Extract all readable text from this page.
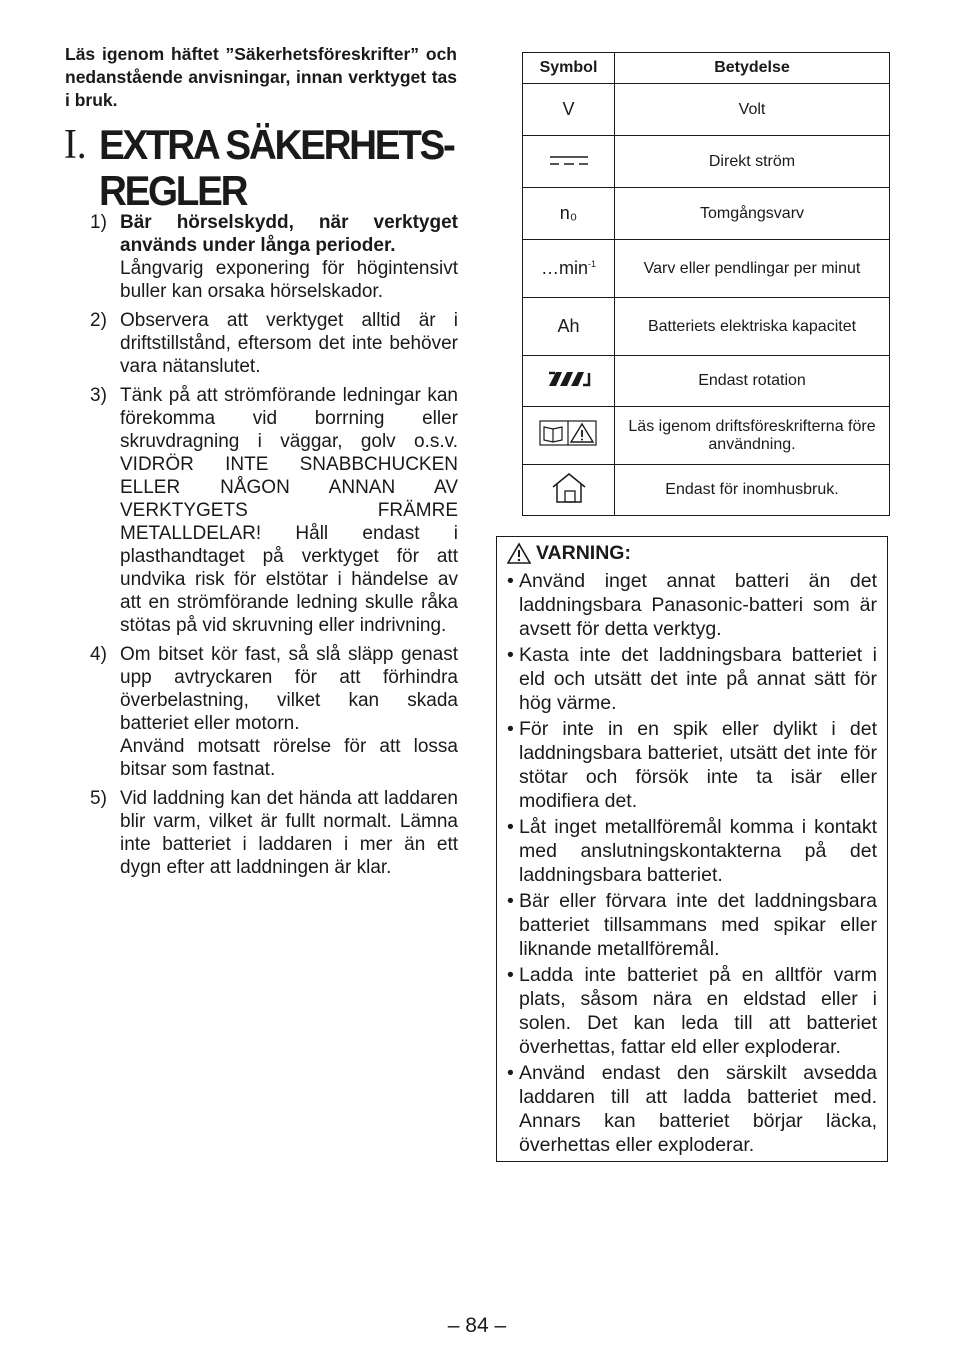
Läs igenom häftet ”Säkerhetsföreskrifter” och nedanstående anvisningar, innan verktyget tas i bruk.
I. EXTRA SÄKERHETS-
REGLER
1) Bär hörselskydd, när verktyget används under långa perioder.
Långvarig exponering för högintensivt buller kan orsaka hörselskador.
2) Observera att verktyget alltid är i driftstillstånd, eftersom det inte behöver vara nätanslutet.
3) Tänk på att strömförande ledningar kan förekomma vid borrning eller skruvdragning i väggar, golv o.s.v. VIDRÖR INTE SNABBCHUCKEN ELLER NÅGON ANNAN AV VERKTYGETS FRÄMRE METALLDELAR! Håll endast i plasthandtaget på verktyget för att undvika risk för elstötar i händelse av att en strömförande ledning skulle råka stötas på vid skruvning eller indrivning.
4) Om bitset kör fast, så slå släpp genast upp avtryckaren för att förhindra överbelastning, vilket kan skada batteriet eller motorn.
Använd motsatt rörelse för att lossa bitsar som fastnat.
5) Vid laddning kan det hända att laddaren blir varm, vilket är fullt normalt. Lämna inte batteriet i laddaren i mer än ett dygn efter att laddningen är klar.
Symbol	Betydelse
V	Volt
	Direkt ström
n₀	Tomgångsvarv
$\dots\min^{-1}$	Varv eller pendlingar per minut
Ah	Batteriets elektriska kapacitet
	Endast rotation
	Läs igenom driftsföreskrifterna före användning.
	Endast för inomhusbruk.
VARNING:
• Använd inget annat batteri än det laddningsbara Panasonic-batteri som är avsett för detta verktyg.
• Kasta inte det laddningsbara batteriet i eld och utsätt det inte på annat sätt för hög värme.
• För inte in en spik eller dylikt i det laddningsbara batteriet, utsätt det inte för stötar och försök inte ta isär eller modifiera det.
• Låt inget metallföremål komma i kontakt med anslutningskontakterna på det laddningsbara batteriet.
• Bär eller förvara inte det laddningsbara batteriet tillsammans med spikar eller liknande metallföremål.
• Ladda inte batteriet på en alltför varm plats, såsom nära en eldstad eller i solen. Det kan leda till att batteriet överhettas, fattar eld eller exploderar.
• Använd endast den särskilt avsedda laddaren till att ladda batteriet med. Annars kan batteriet börjar läcka, överhettas eller exploderar.
– 84 –
